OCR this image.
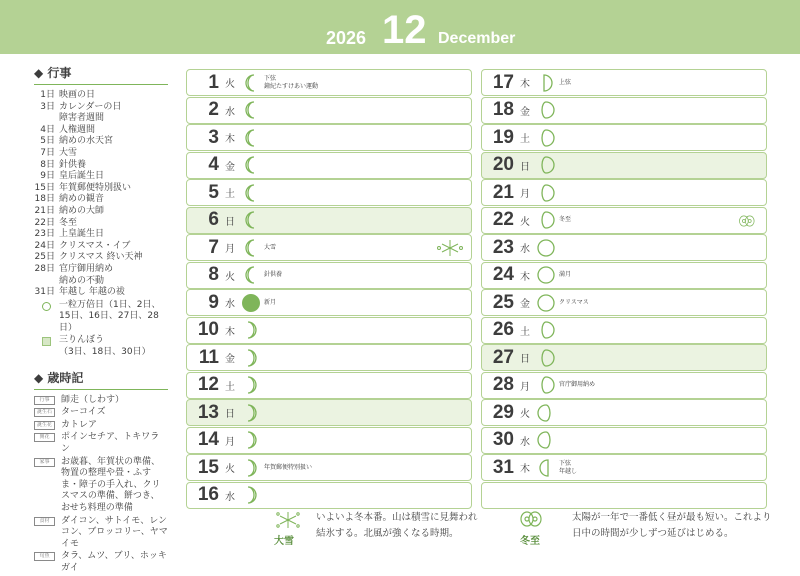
2026 12 December
◆ 行事
1日 映画の日
3日 カレンダーの日
障害者週間
4日 人権週間
5日 納めの水天宮
7日 大雪
8日 針供養
9日 皇后誕生日
15日 年賀郵便特別扱い
18日 納めの観音
21日 納めの大師
22日 冬至
23日 上皇誕生日
24日 クリスマス・イブ
25日 クリスマス 終い天神
28日 官庁御用納め
納めの不動
31日 年越し 年越の祓
一粒万倍日（1日、2日、
15日、16日、27日、28日）
三りんぼう
（3日、18日、30日）
◆ 歳時記
行事	師走（しわす）
誕生石	ターコイズ
誕生花	カトレア
開花	ポインセチア、トキワラン
家事	お歳暮、年賀状の準備、物置の整理や畳・ふすま・障子の手入れ、クリスマスの準備、餅つき、おせち料理の準備
食材	ダイコン、サトイモ、レンコン、ブロッコリー、ヤマイモ
旬魚	タラ、ムツ、ブリ、ホッキガイ
1 火
下弦
鐘紀たすけあい運動
2 水
3 木
4 金
5 土
6 日
7 月	大雪
8 火	針供養
9 水	新月
10 木
11 金
12 土
13 日
14 月
15 火	年賀郵便特別扱い
16 水
17 木	上弦
18 金
19 土
20 日
21 月
22 火	冬至
23 水
24 木	満月
25 金	クリスマス
26 土
27 日
28 月	官庁御用納め
29 火
30 水
31 木
下弦
年越し
大雪
いよいよ冬本番。山は積雪に見舞われ
結氷する。北風が強くなる時期。
冬至
太陽が一年で一番低く昼が最も短い。これより
日中の時間が少しずつ延びはじめる。
